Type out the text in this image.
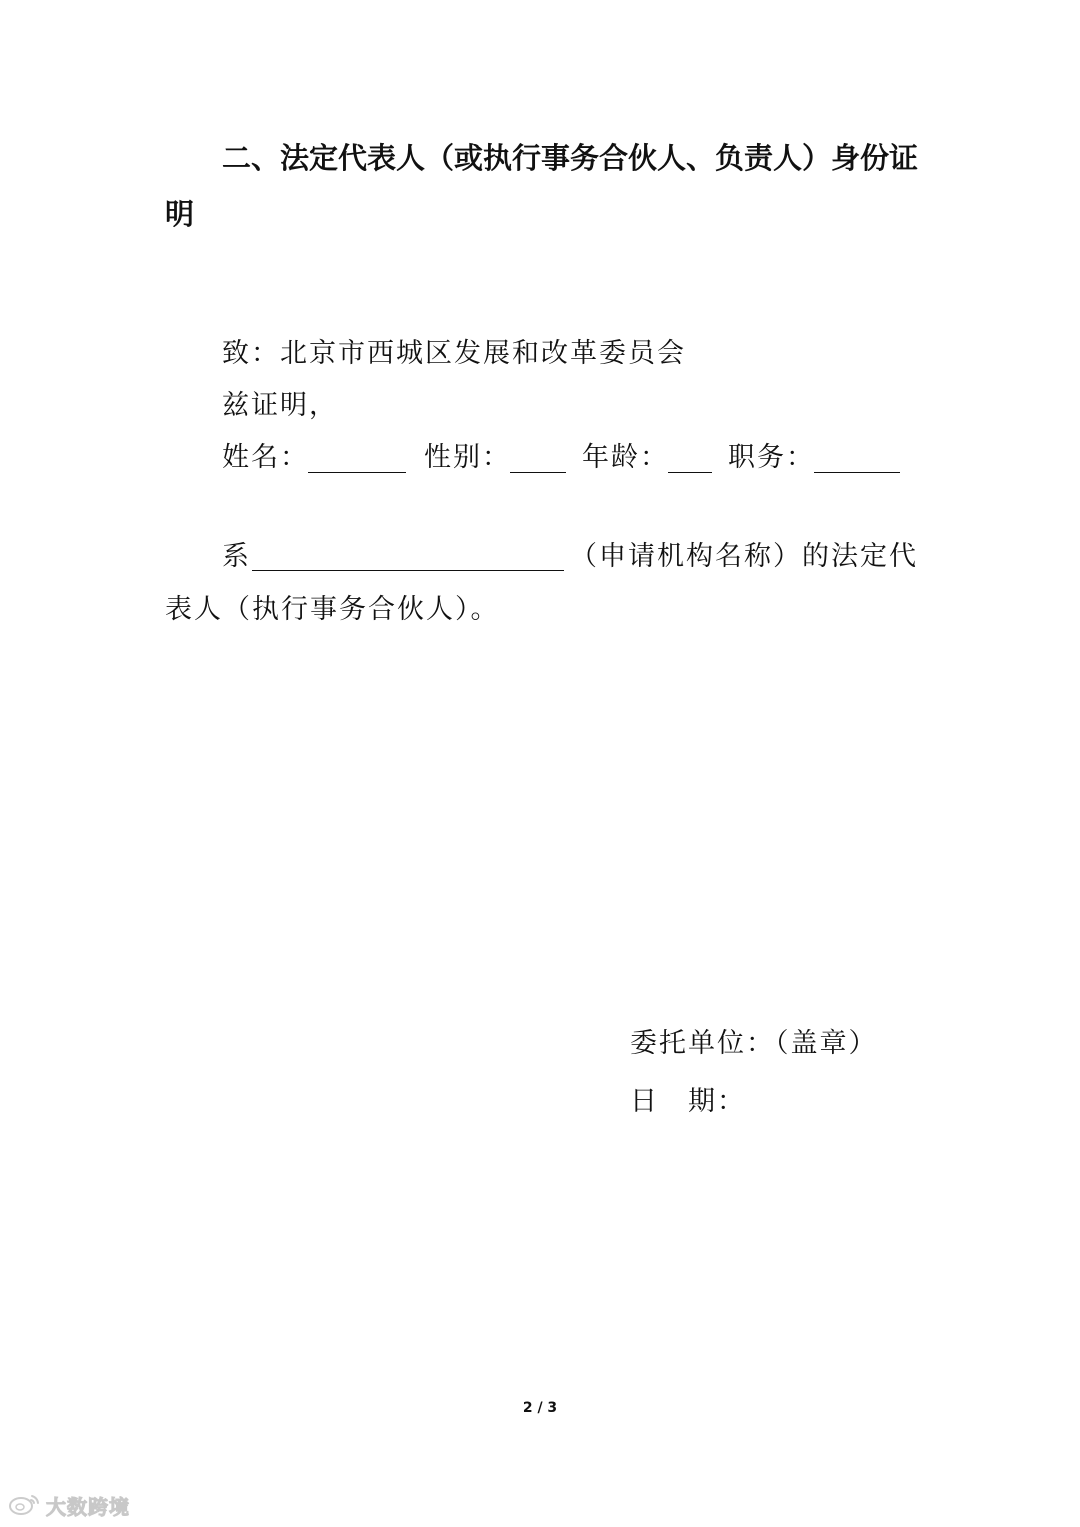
二、法定代表人（或执行事务合伙人、负责人）身份证
明
致：北京市西城区发展和改革委员会
兹证明，
姓名：	性别：	年龄： 职务：
系	（申请机构名称）的法定代
表人（执行事务合伙人）。
委托单位：（盖章）
日　期：
2 / 3
大数跨境
